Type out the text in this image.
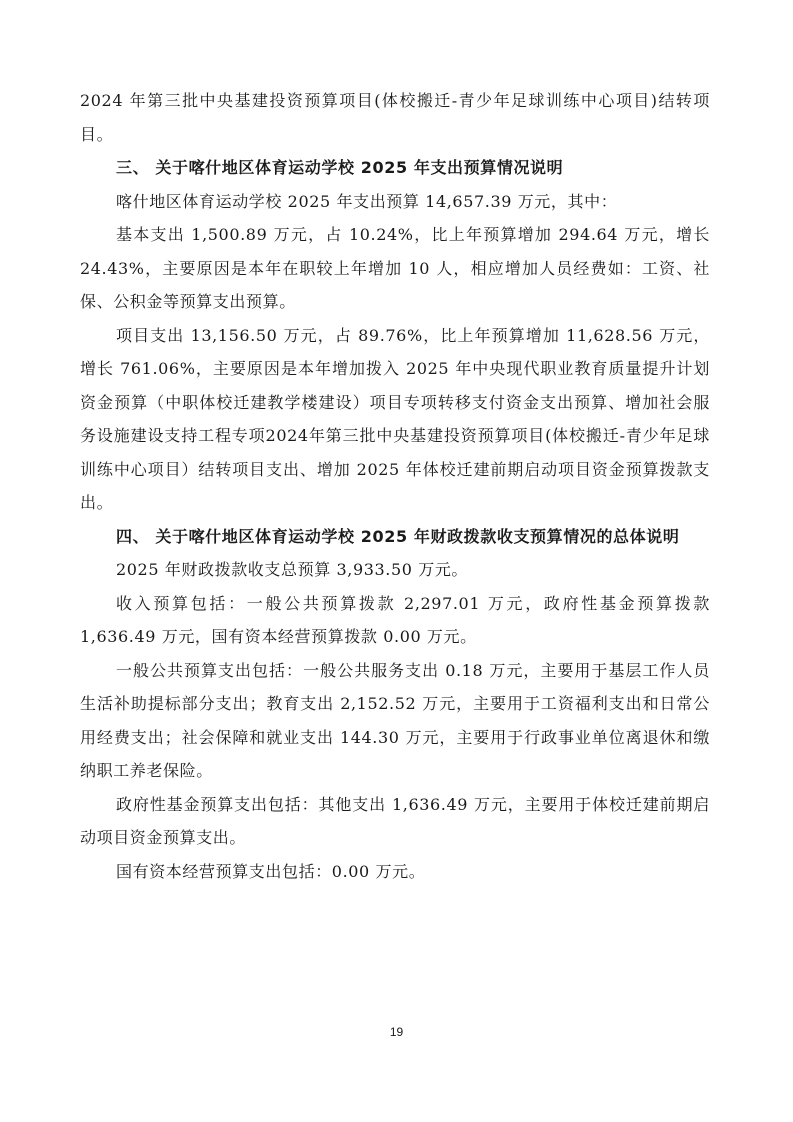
2024 年第三批中央基建投资预算项目(体校搬迁-青少年足球训练中心项目)结转项目。

三、 关于喀什地区体育运动学校 2025 年支出预算情况说明

喀什地区体育运动学校 2025 年支出预算 14,657.39 万元，其中：

基本支出 1,500.89 万元，占 10.24%，比上年预算增加 294.64 万元，增长 24.43%，主要原因是本年在职较上年增加 10 人，相应增加人员经费如：工资、社保、公积金等预算支出预算。

项目支出 13,156.50 万元，占 89.76%，比上年预算增加 11,628.56 万元，增长 761.06%，主要原因是本年增加拨入 2025 年中央现代职业教育质量提升计划资金预算（中职体校迁建教学楼建设）项目专项转移支付资金支出预算、增加社会服务设施建设支持工程专项2024年第三批中央基建投资预算项目(体校搬迁-青少年足球训练中心项目）结转项目支出、增加 2025 年体校迁建前期启动项目资金预算拨款支出。

四、 关于喀什地区体育运动学校 2025 年财政拨款收支预算情况的总体说明

2025 年财政拨款收支总预算 3,933.50 万元。

收入预算包括：一般公共预算拨款 2,297.01 万元，政府性基金预算拨款 1,636.49 万元，国有资本经营预算拨款 0.00 万元。

一般公共预算支出包括：一般公共服务支出 0.18 万元，主要用于基层工作人员生活补助提标部分支出；教育支出 2,152.52 万元，主要用于工资福利支出和日常公用经费支出；社会保障和就业支出 144.30 万元，主要用于行政事业单位离退休和缴纳职工养老保险。

政府性基金预算支出包括：其他支出 1,636.49 万元，主要用于体校迁建前期启动项目资金预算支出。

国有资本经营预算支出包括：0.00 万元。

19
